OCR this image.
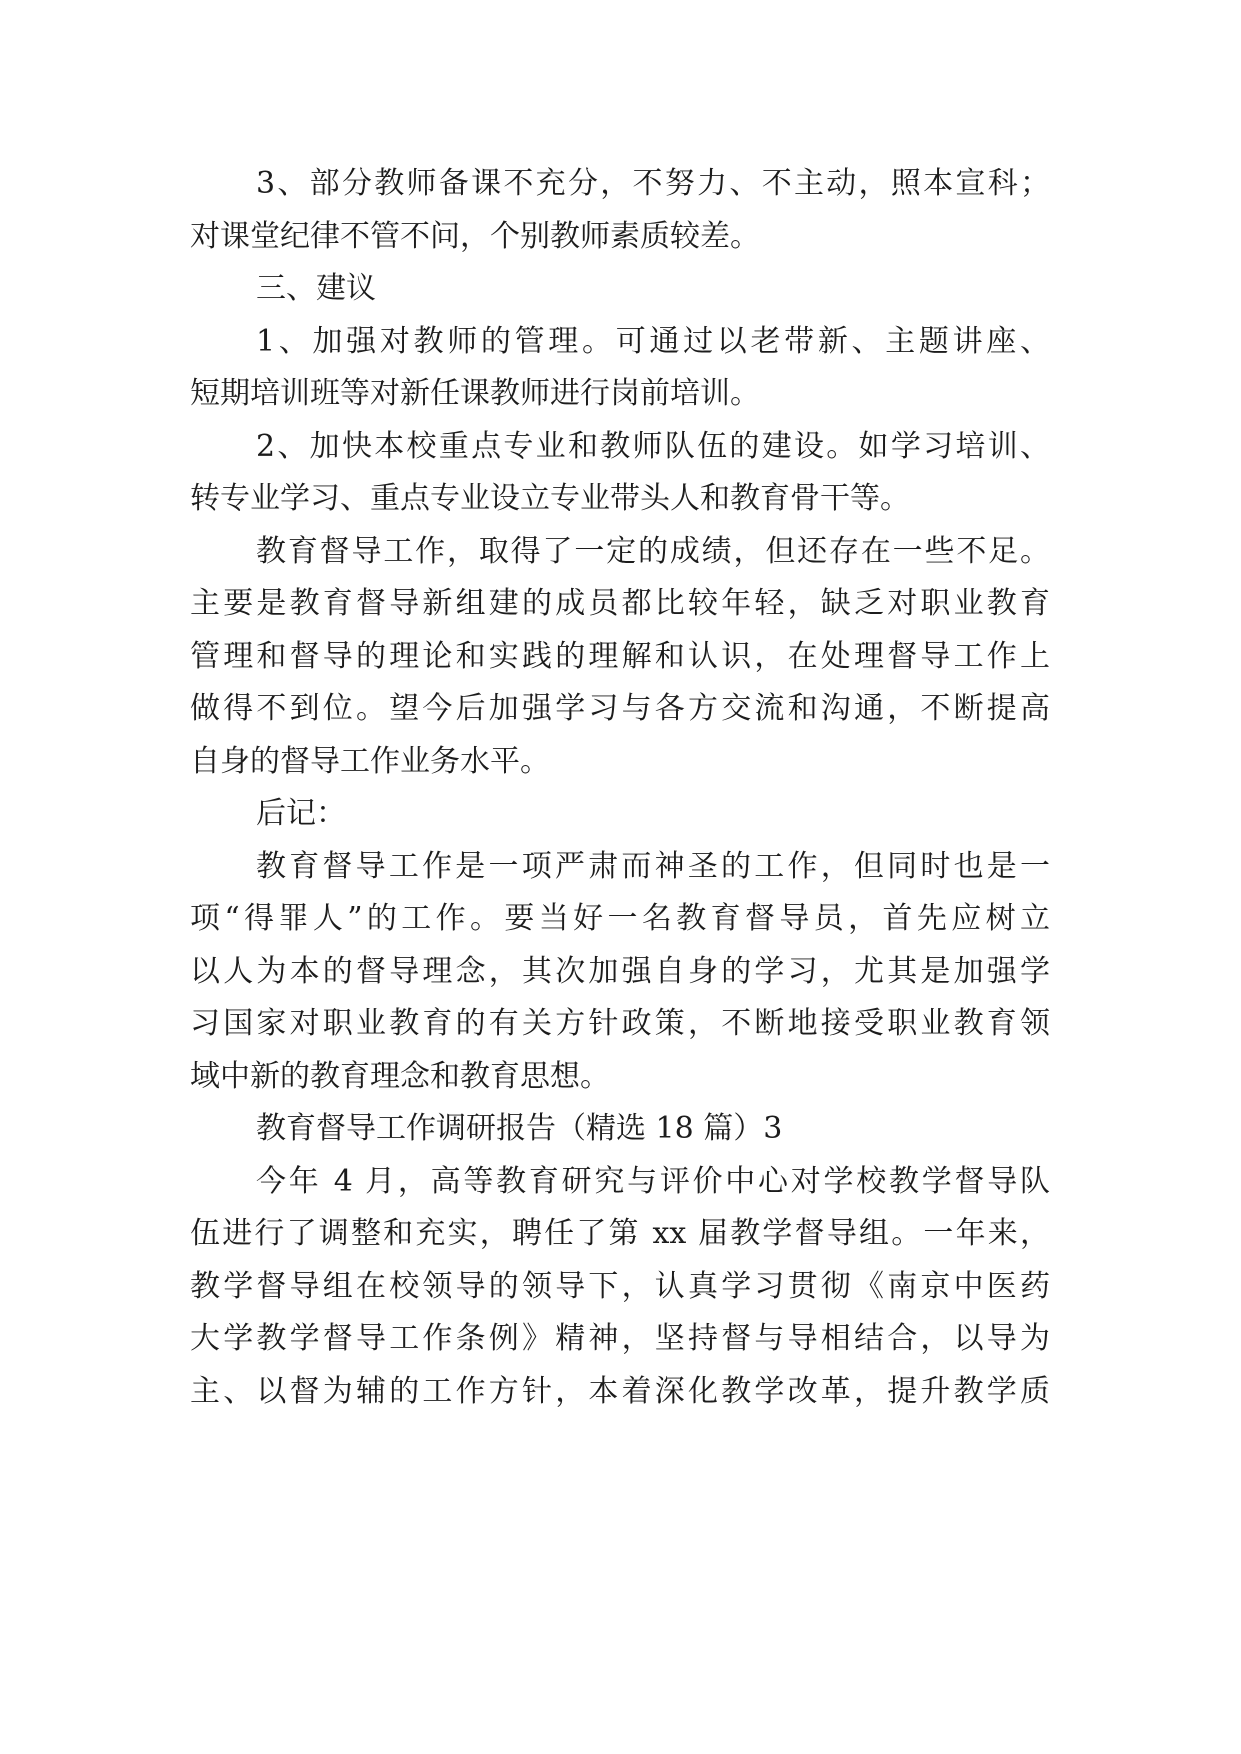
3、部分教师备课不充分，不努力、不主动，照本宣科；
对课堂纪律不管不问，个别教师素质较差。
三、建议
1、加强对教师的管理。可通过以老带新、主题讲座、
短期培训班等对新任课教师进行岗前培训。
2、加快本校重点专业和教师队伍的建设。如学习培训、
转专业学习、重点专业设立专业带头人和教育骨干等。
教育督导工作，取得了一定的成绩，但还存在一些不足。
主要是教育督导新组建的成员都比较年轻，缺乏对职业教育
管理和督导的理论和实践的理解和认识，在处理督导工作上
做得不到位。望今后加强学习与各方交流和沟通，不断提高
自身的督导工作业务水平。
后记：
教育督导工作是一项严肃而神圣的工作，但同时也是一
项“得罪人”的工作。要当好一名教育督导员，首先应树立
以人为本的督导理念，其次加强自身的学习，尤其是加强学
习国家对职业教育的有关方针政策，不断地接受职业教育领
域中新的教育理念和教育思想。
教育督导工作调研报告（精选 18 篇）3
今年 4 月，高等教育研究与评价中心对学校教学督导队
伍进行了调整和充实，聘任了第 xx 届教学督导组。一年来，
教学督导组在校领导的领导下，认真学习贯彻《南京中医药
大学教学督导工作条例》精神，坚持督与导相结合，以导为
主、以督为辅的工作方针，本着深化教学改革，提升教学质
